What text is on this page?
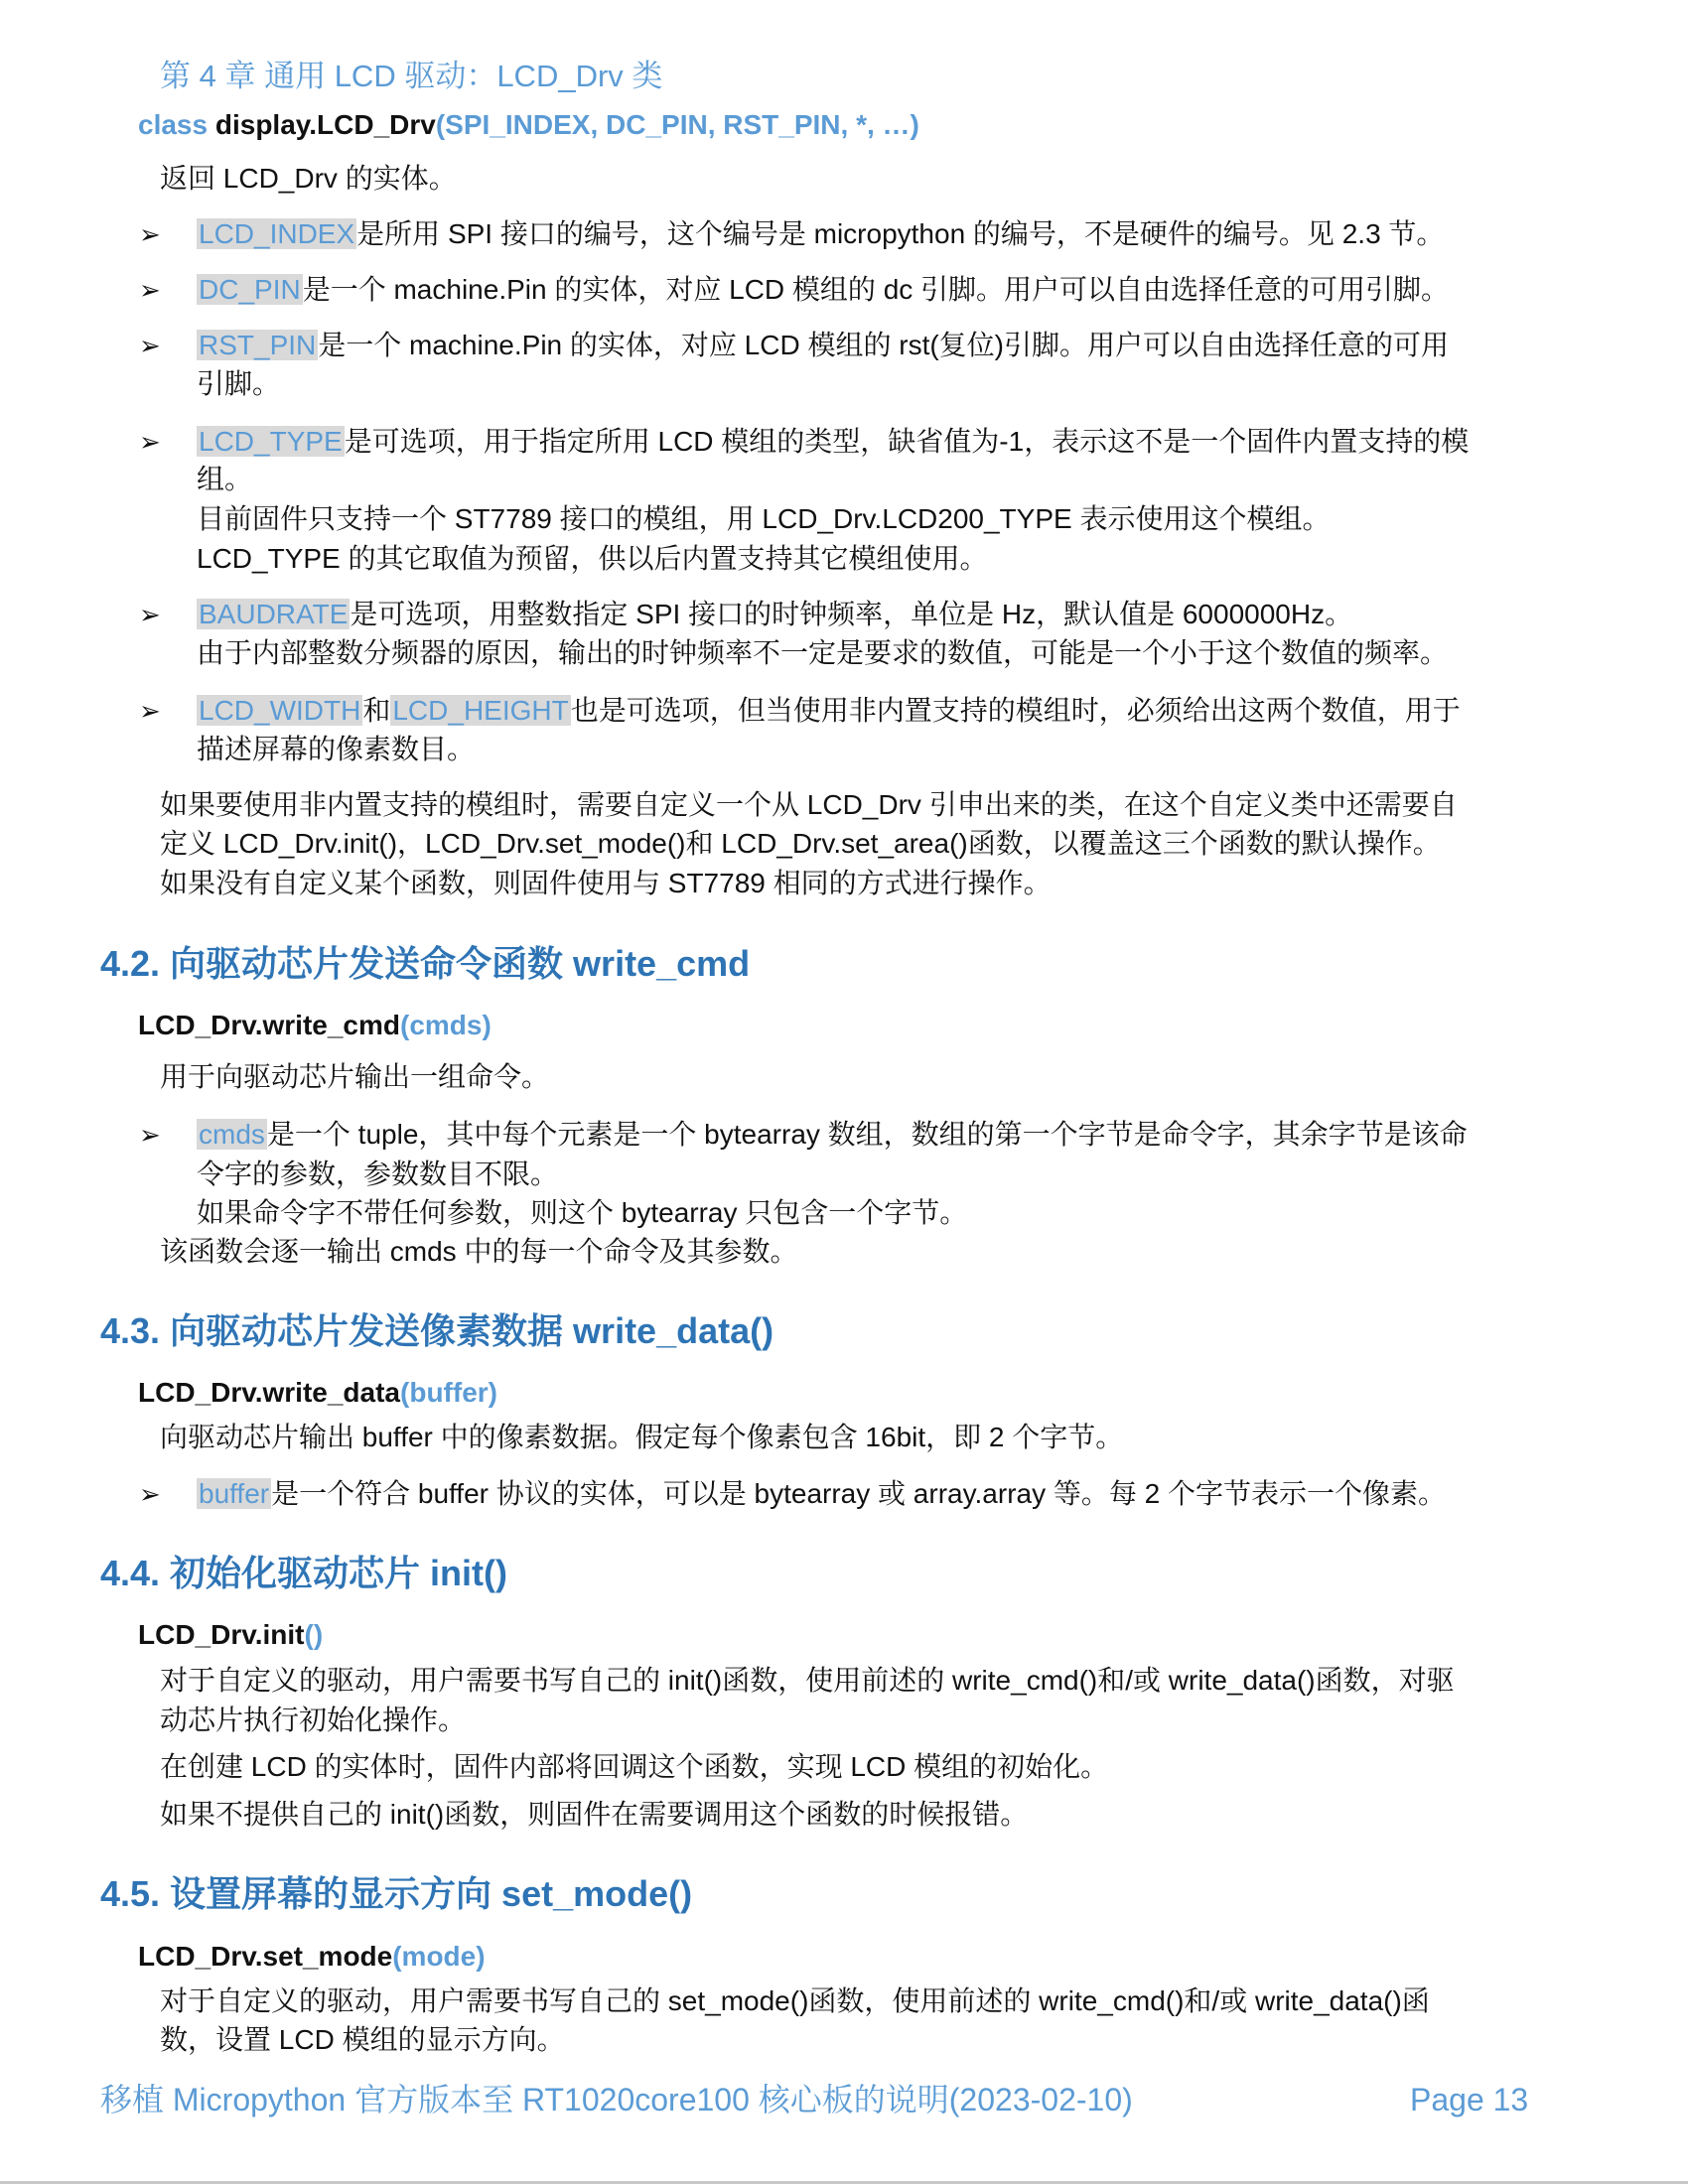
第 4 章 通用 LCD 驱动：LCD_Drv 类
class display.LCD_Drv(SPI_INDEX, DC_PIN, RST_PIN, *, …)
返回 LCD_Drv 的实体。
➢ LCD_INDEX是所用 SPI 接口的编号，这个编号是 micropython 的编号，不是硬件的编号。见 2.3 节。
➢ DC_PIN是一个 machine.Pin 的实体，对应 LCD 模组的 dc 引脚。用户可以自由选择任意的可用引脚。
➢ RST_PIN是一个 machine.Pin 的实体，对应 LCD 模组的 rst(复位)引脚。用户可以自由选择任意的可用
引脚。
➢ LCD_TYPE是可选项，用于指定所用 LCD 模组的类型，缺省值为-1，表示这不是一个固件内置支持的模
组。
目前固件只支持一个 ST7789 接口的模组，用 LCD_Drv.LCD200_TYPE 表示使用这个模组。
LCD_TYPE 的其它取值为预留，供以后内置支持其它模组使用。
➢ BAUDRATE是可选项，用整数指定 SPI 接口的时钟频率，单位是 Hz，默认值是 6000000Hz。
由于内部整数分频器的原因，输出的时钟频率不一定是要求的数值，可能是一个小于这个数值的频率。
➢ LCD_WIDTH和LCD_HEIGHT也是可选项，但当使用非内置支持的模组时，必须给出这两个数值，用于
描述屏幕的像素数目。
如果要使用非内置支持的模组时，需要自定义一个从 LCD_Drv 引申出来的类，在这个自定义类中还需要自
定义 LCD_Drv.init()，LCD_Drv.set_mode()和 LCD_Drv.set_area()函数，以覆盖这三个函数的默认操作。
如果没有自定义某个函数，则固件使用与 ST7789 相同的方式进行操作。
4.2. 向驱动芯片发送命令函数 write_cmd
LCD_Drv.write_cmd(cmds)
用于向驱动芯片输出一组命令。
➢ cmds是一个 tuple，其中每个元素是一个 bytearray 数组，数组的第一个字节是命令字，其余字节是该命
令字的参数，参数数目不限。
如果命令字不带任何参数，则这个 bytearray 只包含一个字节。
该函数会逐一输出 cmds 中的每一个命令及其参数。
4.3. 向驱动芯片发送像素数据 write_data()
LCD_Drv.write_data(buffer)
向驱动芯片输出 buffer 中的像素数据。假定每个像素包含 16bit，即 2 个字节。
➢ buffer是一个符合 buffer 协议的实体，可以是 bytearray 或 array.array 等。每 2 个字节表示一个像素。
4.4. 初始化驱动芯片 init()
LCD_Drv.init()
对于自定义的驱动，用户需要书写自己的 init()函数，使用前述的 write_cmd()和/或 write_data()函数，对驱
动芯片执行初始化操作。
在创建 LCD 的实体时，固件内部将回调这个函数，实现 LCD 模组的初始化。
如果不提供自己的 init()函数，则固件在需要调用这个函数的时候报错。
4.5. 设置屏幕的显示方向 set_mode()
LCD_Drv.set_mode(mode)
对于自定义的驱动，用户需要书写自己的 set_mode()函数，使用前述的 write_cmd()和/或 write_data()函
数，设置 LCD 模组的显示方向。
移植 Micropython 官方版本至 RT1020core100 核心板的说明(2023-02-10)	Page 13
